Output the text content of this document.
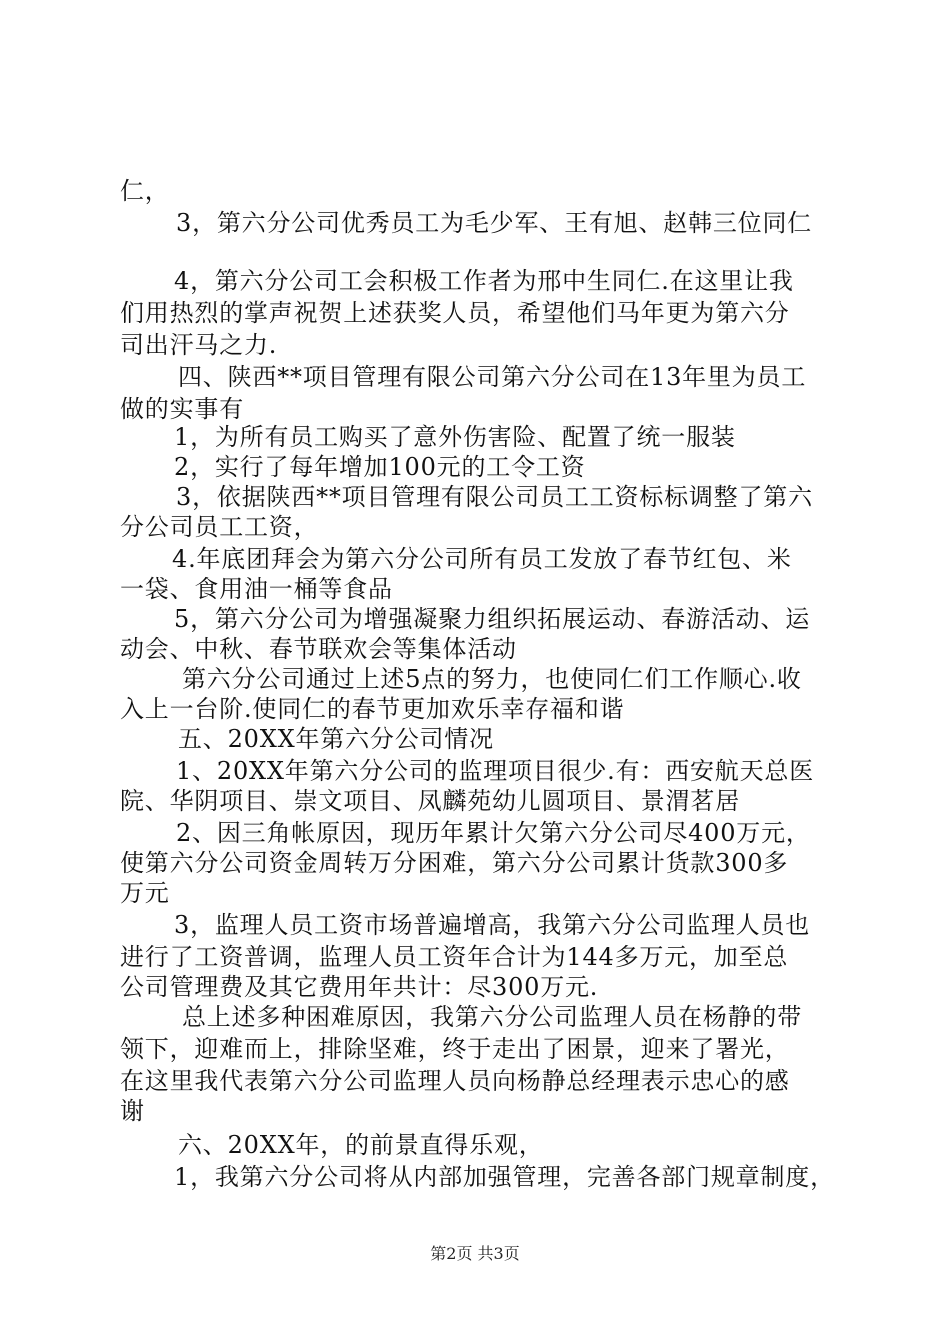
仁，
3，第六分公司优秀员工为毛少军、王有旭、赵韩三位同仁
4，第六分公司工会积极工作者为邢中生同仁.在这里让我
们用热烈的掌声祝贺上述获奖人员，希望他们马年更为第六分
司出汗马之力.
四、陕西**项目管理有限公司第六分公司在13年里为员工
做的实事有
1，为所有员工购买了意外伤害险、配置了统一服装
2，实行了每年增加100元的工令工资
3，依据陕西**项目管理有限公司员工工资标标调整了第六
分公司员工工资，
4.年底团拜会为第六分公司所有员工发放了春节红包、米
一袋、食用油一桶等食品
5，第六分公司为增强凝聚力组织拓展运动、春游活动、运
动会、中秋、春节联欢会等集体活动
第六分公司通过上述5点的努力，也使同仁们工作顺心.收
入上一台阶.使同仁的春节更加欢乐幸存福和谐
五、20XX年第六分公司情况
1、20XX年第六分公司的监理项目很少.有：西安航天总医
院、华阴项目、崇文项目、凤麟苑幼儿圆项目、景渭茗居
2、因三角帐原因，现历年累计欠第六分公司尽400万元，
使第六分公司资金周转万分困难，第六分公司累计货款300多
万元
3，监理人员工资市场普遍增高，我第六分公司监理人员也
进行了工资普调，监理人员工资年合计为144多万元，加至总
公司管理费及其它费用年共计：尽300万元.
总上述多种困难原因，我第六分公司监理人员在杨静的带
领下，迎难而上，排除坚难，终于走出了困景，迎来了署光，
在这里我代表第六分公司监理人员向杨静总经理表示忠心的感
谢
六、20XX年，的前景直得乐观，
1，我第六分公司将从内部加强管理，完善各部门规章制度，
第2页 共3页
